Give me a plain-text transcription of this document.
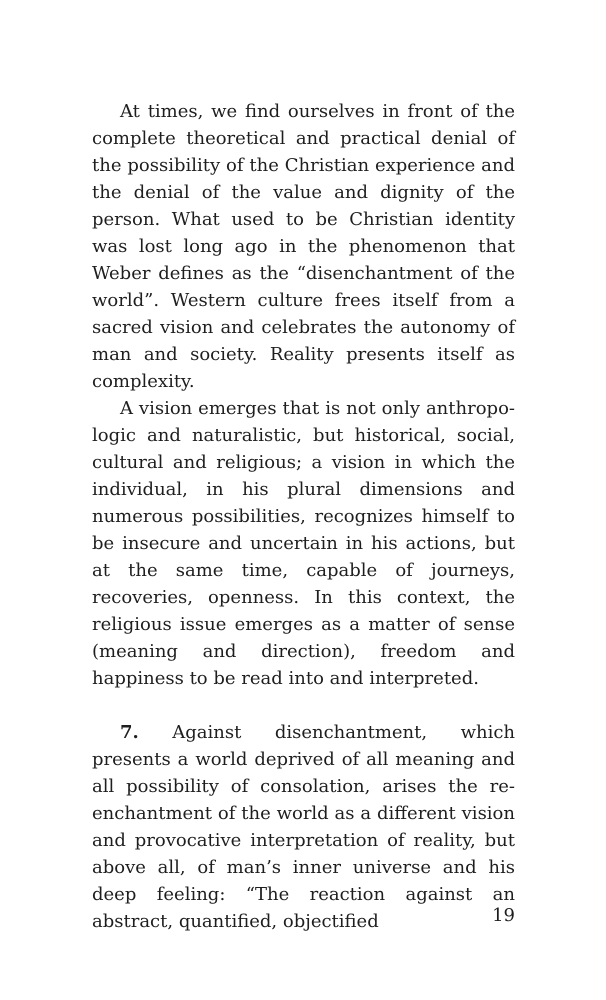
At times, we find ourselves in front of the complete theoretical and practical denial of the possibility of the Christian experience and the denial of the value and dignity of the person. What used to be Christian identity was lost long ago in the phenomenon that Weber defines as the “disenchantment of the world”. Western culture frees itself from a sacred vision and celebrates the autonomy of man and society. Reality presents itself as complexity.

A vision emerges that is not only anthropologic and naturalistic, but historical, social, cultural and religious; a vision in which the individual, in his plural dimensions and numerous possibilities, recognizes himself to be insecure and uncertain in his actions, but at the same time, capable of journeys, recoveries, openness. In this context, the religious issue emerges as a matter of sense (meaning and direction), freedom and happiness to be read into and interpreted.

7. Against disenchantment, which presents a world deprived of all meaning and all possibility of consolation, arises the re-enchantment of the world as a different vision and provocative interpretation of reality, but above all, of man’s inner universe and his deep feeling: “The reaction against an abstract, quantified, objectified	19
